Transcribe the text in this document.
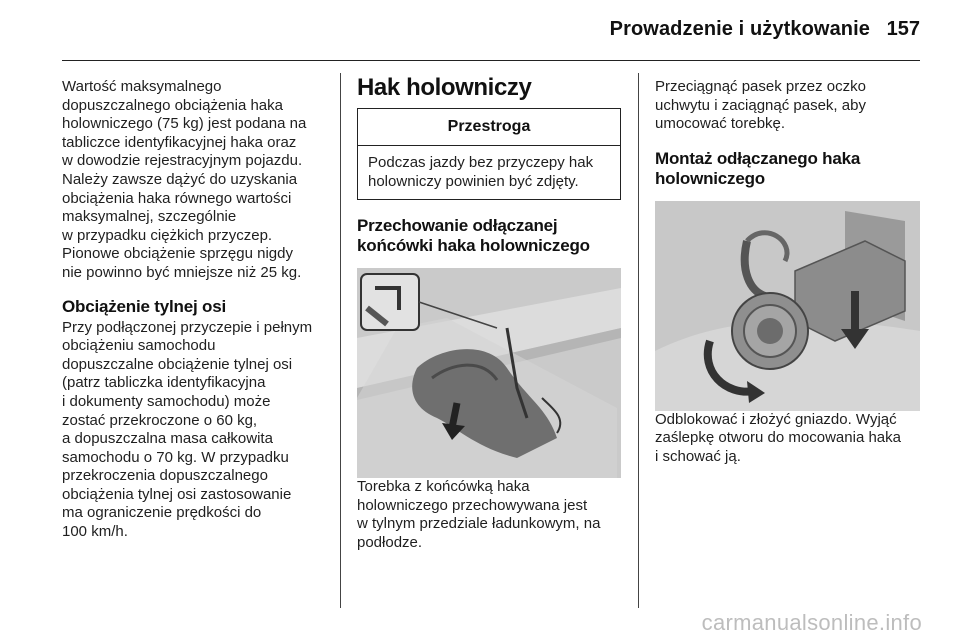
Prowadzenie i użytkowanie 157

Wartość maksymalnego
dopuszczalnego obciążenia haka
holowniczego (75 kg) jest podana na
tabliczce identyfikacyjnej haka oraz
w dowodzie rejestracyjnym pojazdu.
Należy zawsze dążyć do uzyskania
obciążenia haka równego wartości
maksymalnej, szczególnie
w przypadku ciężkich przyczep.
Pionowe obciążenie sprzęgu nigdy
nie powinno być mniejsze niż 25 kg.

Obciążenie tylnej osi

Przy podłączonej przyczepie i pełnym
obciążeniu samochodu
dopuszczalne obciążenie tylnej osi
(patrz tabliczka identyfikacyjna
i dokumenty samochodu) może
zostać przekroczone o 60 kg,
a dopuszczalna masa całkowita
samochodu o 70 kg. W przypadku
przekroczenia dopuszczalnego
obciążenia tylnej osi zastosowanie
ma ograniczenie prędkości do
100 km/h.

Hak holowniczy
Przestroga
Podczas jazdy bez przyczepy hak
holowniczy powinien być zdjęty.
Przechowanie odłączanej
końcówki haka holowniczego

Torebka z końcówką haka
holowniczego przechowywana jest
w tylnym przedziale ładunkowym, na
podłodze.

Przeciągnąć pasek przez oczko
uchwytu i zaciągnąć pasek, aby
umocować torebkę.

Montaż odłączanego haka
holowniczego

Odblokować i złożyć gniazdo. Wyjąć
zaślepkę otworu do mocowania haka
i schować ją.

carmanualsonline.info
